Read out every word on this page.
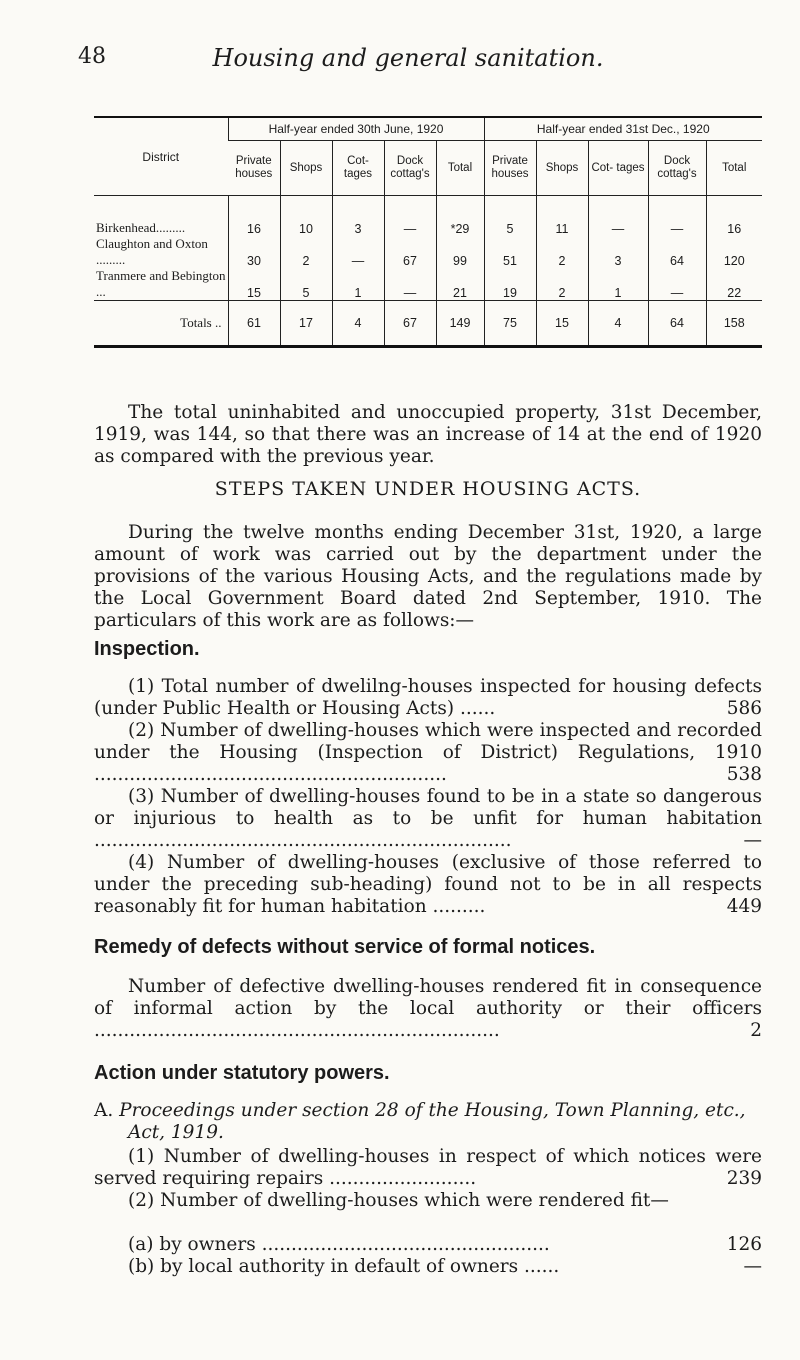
48	Housing and general sanitation.
District	Half-year ended 30th June, 1920					Half-year ended 31st Dec., 1920				
	Private houses	Shops	Cot- tages	Dock cottag's	Total	Private houses	Shops	Cot- tages	Dock cottag's	Total
Birkenhead.........	16	10	3	—	*29	5	11	—	—	16
Claughton and Oxton .........	30	2	—	67	99	51	2	3	64	120
Tranmere and Bebington ...	15	5	1	—	21	19	2	1	—	22
Totals ..	61	17	4	67	149	75	15	4	64	158

The total uninhabited and unoccupied property, 31st December, 1919, was 144, so that there was an increase of 14 at the end of 1920 as compared with the previous year.

STEPS TAKEN UNDER HOUSING ACTS.

During the twelve months ending December 31st, 1920, a large amount of work was carried out by the department under the provisions of the various Housing Acts, and the regulations made by the Local Government Board dated 2nd September, 1910. The particulars of this work are as follows:—

Inspection.
(1) Total number of dwelilng-houses inspected for housing defects (under Public Health or Housing Acts) ......	586
(2) Number of dwelling-houses which were inspected and recorded under the Housing (Inspection of District) Regulations, 1910 ............................................................	538
(3) Number of dwelling-houses found to be in a state so dangerous or injurious to health as to be unfit for human habitation .......................................................................	—
(4) Number of dwelling-houses (exclusive of those referred to under the preceding sub-heading) found not to be in all respects reasonably fit for human habitation .........	449
Remedy of defects without service of formal notices.
Number of defective dwelling-houses rendered fit in consequence of informal action by the local authority or their officers .....................................................................	2
Action under statutory powers.

A. Proceedings under section 28 of the Housing, Town Planning, etc., Act, 1919.

(1) Number of dwelling-houses in respect of which notices were served requiring repairs .........................	239

(2) Number of dwelling-houses which were rendered fit—

(a) by owners .................................................	126
(b) by local authority in default of owners ......	—
